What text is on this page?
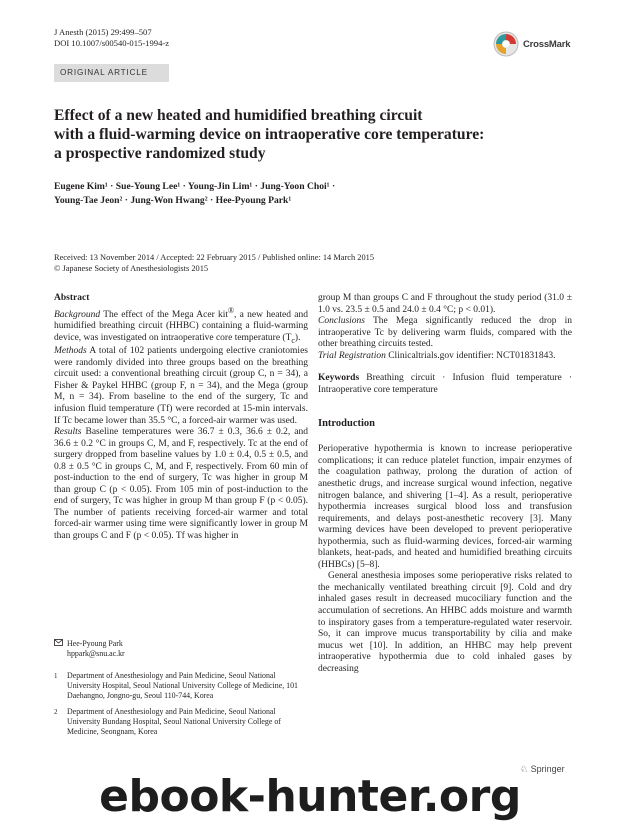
J Anesth (2015) 29:499–507
DOI 10.1007/s00540-015-1994-z	CrossMark
ORIGINAL ARTICLE
Effect of a new heated and humidified breathing circuit
with a fluid-warming device on intraoperative core temperature:
a prospective randomized study
Eugene Kim¹ · Sue-Young Lee¹ · Young-Jin Lim¹ · Jung-Yoon Choi¹ ·
Young-Tae Jeon² · Jung-Won Hwang² · Hee-Pyoung Park¹
Received: 13 November 2014 / Accepted: 22 February 2015 / Published online: 14 March 2015
© Japanese Society of Anesthesiologists 2015

Abstract

Background The effect of the Mega Acer kit®, a new heated and humidified breathing circuit (HHBC) containing a fluid-warming device, was investigated on intraoperative core temperature $(T_c)$.

Methods A total of 102 patients undergoing elective craniotomies were randomly divided into three groups based on the breathing circuit used: a conventional breathing circuit (group C, n = 34), a Fisher & Paykel HHBC (group F, n = 34), and the Mega (group M, n = 34). From baseline to the end of the surgery, Tc and infusion fluid temperature (Tf) were recorded at 15-min intervals. If Tc became lower than 35.5 °C, a forced-air warmer was used.

Results Baseline temperatures were 36.7 ± 0.3, 36.6 ± 0.2, and 36.6 ± 0.2 °C in groups C, M, and F, respectively. Tc at the end of surgery dropped from baseline values by 1.0 ± 0.4, 0.5 ± 0.5, and 0.8 ± 0.5 °C in groups C, M, and F, respectively. From 60 min of post-induction to the end of surgery, Tc was higher in group M than group C (p < 0.05). From 105 min of post-induction to the end of surgery, Tc was higher in group M than group F (p < 0.05). The number of patients receiving forced-air warmer and total forced-air warmer using time were significantly lower in group M than groups C and F (p < 0.05). Tf was higher in

group M than groups C and F throughout the study period (31.0 ± 1.0 vs. 23.5 ± 0.5 and 24.0 ± 0.4 °C; p < 0.01).

Conclusions The Mega significantly reduced the drop in intraoperative Tc by delivering warm fluids, compared with the other breathing circuits tested.

Trial Registration Clinicaltrials.gov identifier: NCT01831843.

Keywords Breathing circuit · Infusion fluid temperature · Intraoperative core temperature

Introduction

Perioperative hypothermia is known to increase perioperative complications; it can reduce platelet function, impair enzymes of the coagulation pathway, prolong the duration of action of anesthetic drugs, and increase surgical wound infection, negative nitrogen balance, and shivering [1–4]. As a result, perioperative hypothermia increases surgical blood loss and transfusion requirements, and delays post-anesthetic recovery [3]. Many warming devices have been developed to prevent perioperative hypothermia, such as fluid-warming devices, forced-air warming blankets, heat-pads, and heated and humidified breathing circuits (HHBCs) [5–8].

General anesthesia imposes some perioperative risks related to the mechanically ventilated breathing circuit [9]. Cold and dry inhaled gases result in decreased mucociliary function and the accumulation of secretions. An HHBC adds moisture and warmth to inspiratory gases from a temperature-regulated water reservoir. So, it can improve mucus transportability by cilia and make mucus wet [10]. In addition, an HHBC may help prevent intraoperative hypothermia due to cold inhaled gases by decreasing

Hee-Pyoung Park
hppark@snu.ac.kr
1	Department of Anesthesiology and Pain Medicine, Seoul National University Hospital, Seoul National University College of Medicine, 101 Daehangno, Jongno-gu, Seoul 110-744, Korea
2	Department of Anesthesiology and Pain Medicine, Seoul National University Bundang Hospital, Seoul National University College of Medicine, Seongnam, Korea
♘ Springer
ebook-hunter.org
